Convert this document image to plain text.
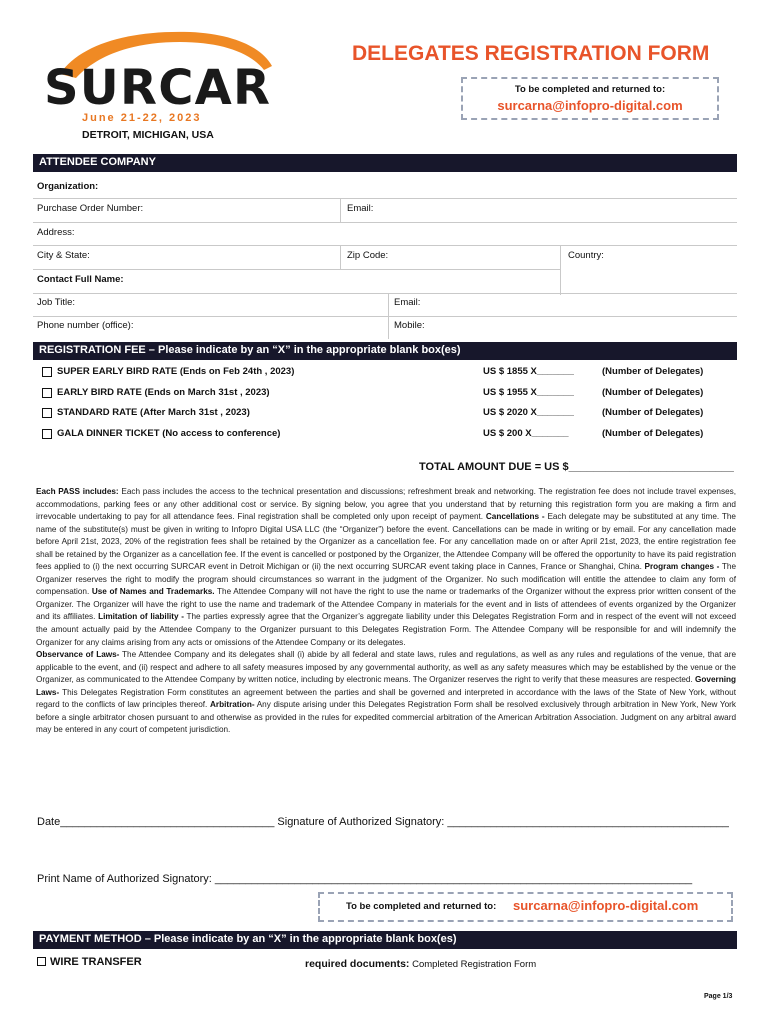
SURCAR
June 21-22, 2023
DETROIT, MICHIGAN, USA
DELEGATES REGISTRATION FORM
To be completed and returned to:
surcarna@infopro-digital.com
ATTENDEE COMPANY
Organization:
Purchase Order Number:	Email:
Address:
City & State:	Zip Code:	Country:
Contact Full Name:
Job Title:	Email:
Phone number (office):	Mobile:
REGISTRATION FEE – Please indicate by an “X” in the appropriate blank box(es)
SUPER EARLY BIRD RATE (Ends on Feb 24th , 2023)	US $ 1855 X_______	(Number of Delegates)
EARLY BIRD RATE (Ends on March 31st , 2023)	US $ 1955 X_______	(Number of Delegates)
STANDARD RATE (After March 31st , 2023)	US $ 2020 X_______	(Number of Delegates)
GALA DINNER TICKET (No access to conference)	US $ 200 X_______	(Number of Delegates)
TOTAL AMOUNT DUE = US $___________________________
Each PASS includes: Each pass includes the access to the technical presentation and discussions; refreshment break and networking. The registration fee does not include travel expenses, accommodations, parking fees or any other additional cost or service. By signing below, you agree that you understand that by returning this registration form you are making a firm and irrevocable undertaking to pay for all attendance fees. Final registration shall be completed only upon receipt of payment. Cancellations - Each delegate may be substituted at any time. The name of the substitute(s) must be given in writing to Infopro Digital USA LLC (the “Organizer”) before the event. Cancellations can be made in writing or by email. For any cancellation made before April 21st, 2023, 20% of the registration fees shall be retained by the Organizer as a cancellation fee. For any cancellation made on or after April 21st, 2023, the entire registration fee shall be retained by the Organizer as a cancellation fee. If the event is cancelled or postponed by the Organizer, the Attendee Company will be offered the opportunity to have its paid registration fees applied to (i) the next occurring SURCAR event in Detroit Michigan or (ii) the next occurring SURCAR event taking place in Cannes, France or Shanghai, China. Program changes - The Organizer reserves the right to modify the program should circumstances so warrant in the judgment of the Organizer. No such modification will entitle the attendee to claim any form of compensation. Use of Names and Trademarks. The Attendee Company will not have the right to use the name or trademarks of the Organizer without the express prior written consent of the Organizer. The Organizer will have the right to use the name and trademark of the Attendee Company in materials for the event and in lists of attendees of events organized by the Organizer and its affiliates. Limitation of liability - The parties expressly agree that the Organizer’s aggregate liability under this Delegates Registration Form and in respect of the event will not exceed the amount actually paid by the Attendee Company to the Organizer pursuant to this Delegates Registration Form. The Attendee Company will be responsible for and will indemnify the Organizer for any claims arising from any acts or omissions of the Attendee Company or its delegates.
Observance of Laws- The Attendee Company and its delegates shall (i) abide by all federal and state laws, rules and regulations, as well as any rules and regulations of the venue, that are applicable to the event, and (ii) respect and adhere to all safety measures imposed by any governmental authority, as well as any safety measures which may be established by the venue or the Organizer, as communicated to the Attendee Company by written notice, including by electronic means. The Organizer reserves the right to verify that these measures are respected. Governing Laws- This Delegates Registration Form constitutes an agreement between the parties and shall be governed and interpreted in accordance with the laws of the State of New York, without regard to the conflicts of law principles thereof. Arbitration- Any dispute arising under this Delegates Registration Form shall be resolved exclusively through arbitration in New York, New York before a single arbitrator chosen pursuant to and otherwise as provided in the rules for expedited commercial arbitration of the American Arbitration Association. Judgment on any arbitral award may be entered in any court of competent jurisdiction.
Date___________________________________ Signature of Authorized Signatory: ______________________________________________
Print Name of Authorized Signatory: ______________________________________________________________________________
To be completed and returned to: surcarna@infopro-digital.com
PAYMENT METHOD – Please indicate by an “X” in the appropriate blank box(es)
WIRE TRANSFER	required documents: Completed Registration Form
Page 1/3
